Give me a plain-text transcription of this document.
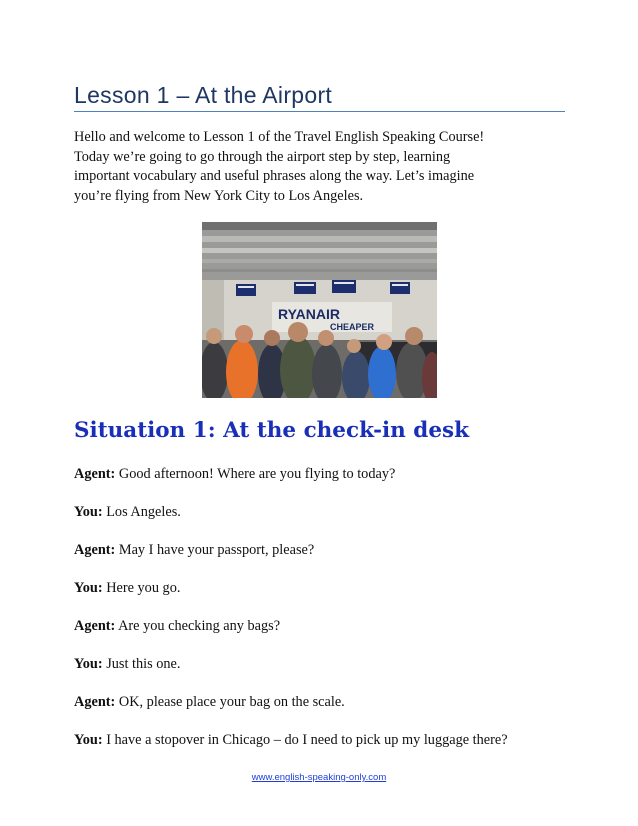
Lesson 1 – At the Airport
Hello and welcome to Lesson 1 of the Travel English Speaking Course!
Today we’re going to go through the airport step by step, learning
important vocabulary and useful phrases along the way. Let’s imagine
you’re flying from New York City to Los Angeles.
RYANAIR
CHEAPER
Situation 1: At the check-in desk
Agent: Good afternoon! Where are you flying to today?
You: Los Angeles.
Agent: May I have your passport, please?
You: Here you go.
Agent: Are you checking any bags?
You: Just this one.
Agent: OK, please place your bag on the scale.
You: I have a stopover in Chicago – do I need to pick up my luggage there?
www.english-speaking-only.com
